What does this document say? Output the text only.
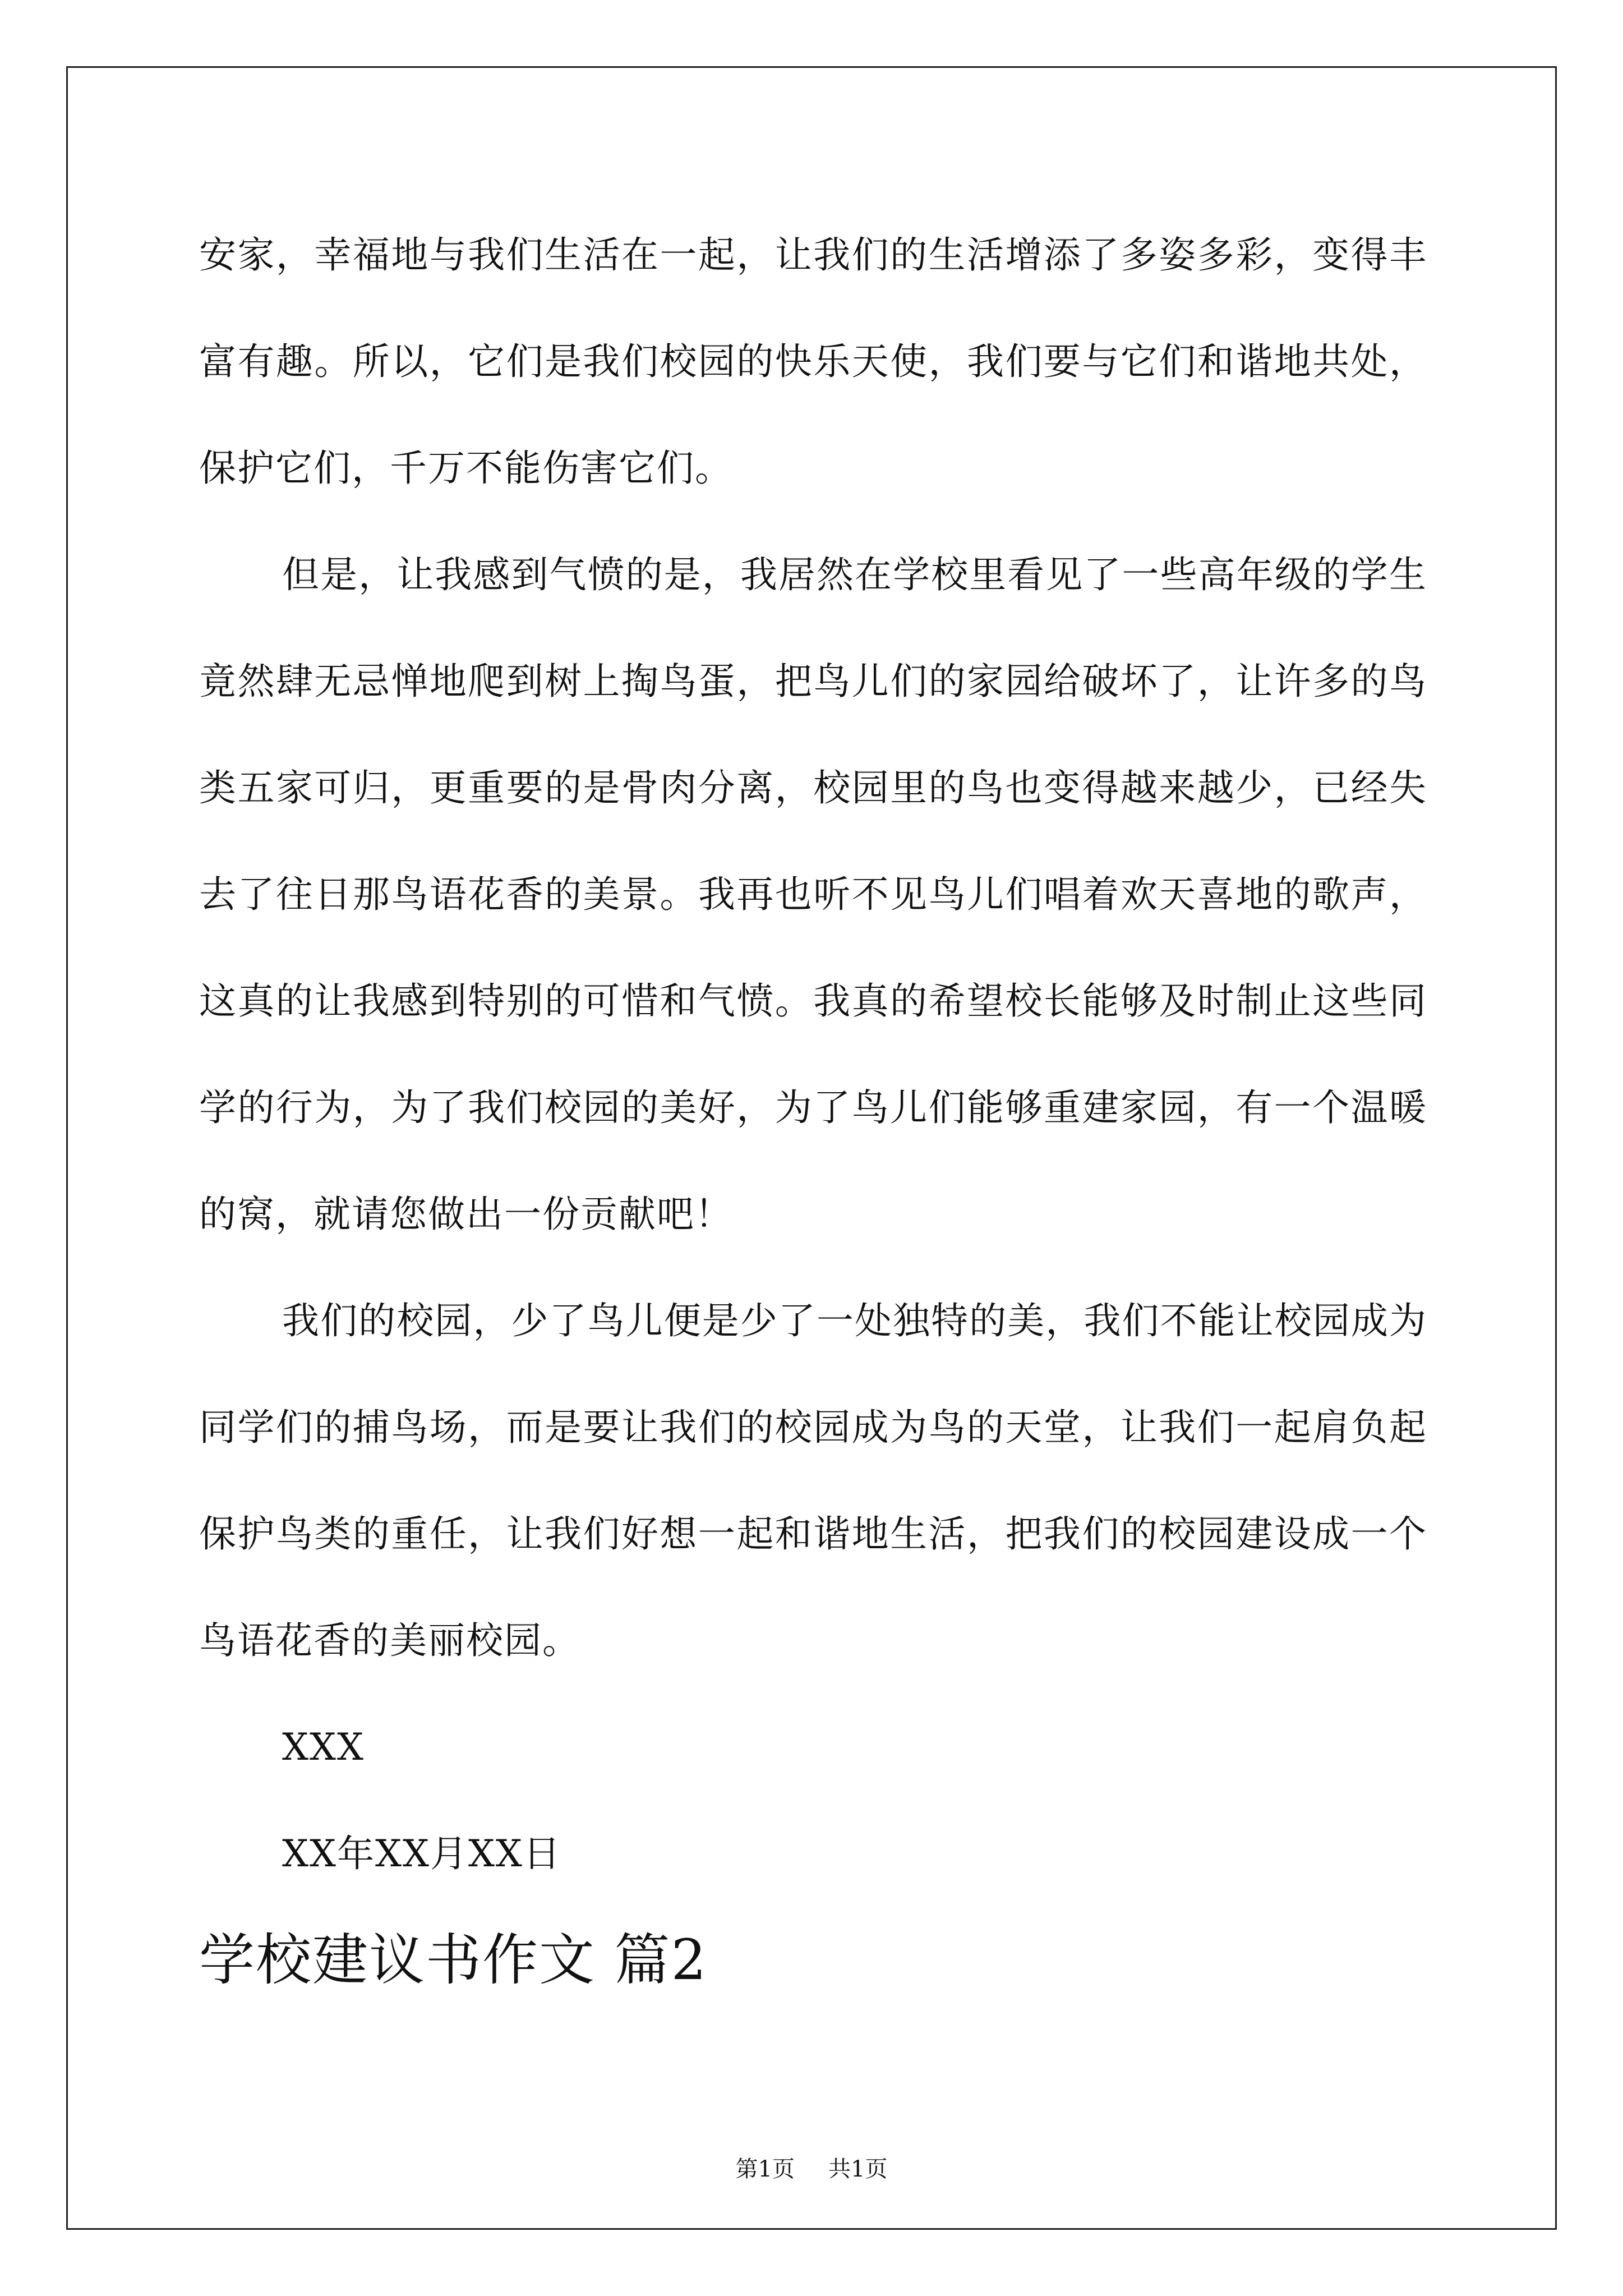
安家，幸福地与我们生活在一起，让我们的生活增添了多姿多彩，变得丰富有趣。所以，它们是我们校园的快乐天使，我们要与它们和谐地共处，保护它们，千万不能伤害它们。

但是，让我感到气愤的是，我居然在学校里看见了一些高年级的学生竟然肆无忌惮地爬到树上掏鸟蛋，把鸟儿们的家园给破坏了，让许多的鸟类五家可归，更重要的是骨肉分离，校园里的鸟也变得越来越少，已经失去了往日那鸟语花香的美景。我再也听不见鸟儿们唱着欢天喜地的歌声，这真的让我感到特别的可惜和气愤。我真的希望校长能够及时制止这些同学的行为，为了我们校园的美好，为了鸟儿们能够重建家园，有一个温暖的窝，就请您做出一份贡献吧！

我们的校园，少了鸟儿便是少了一处独特的美，我们不能让校园成为同学们的捕鸟场，而是要让我们的校园成为鸟的天堂，让我们一起肩负起保护鸟类的重任，让我们好想一起和谐地生活，把我们的校园建设成一个鸟语花香的美丽校园。

XXX

XX年XX月XX日

学校建议书作文 篇2
第1页 共1页
